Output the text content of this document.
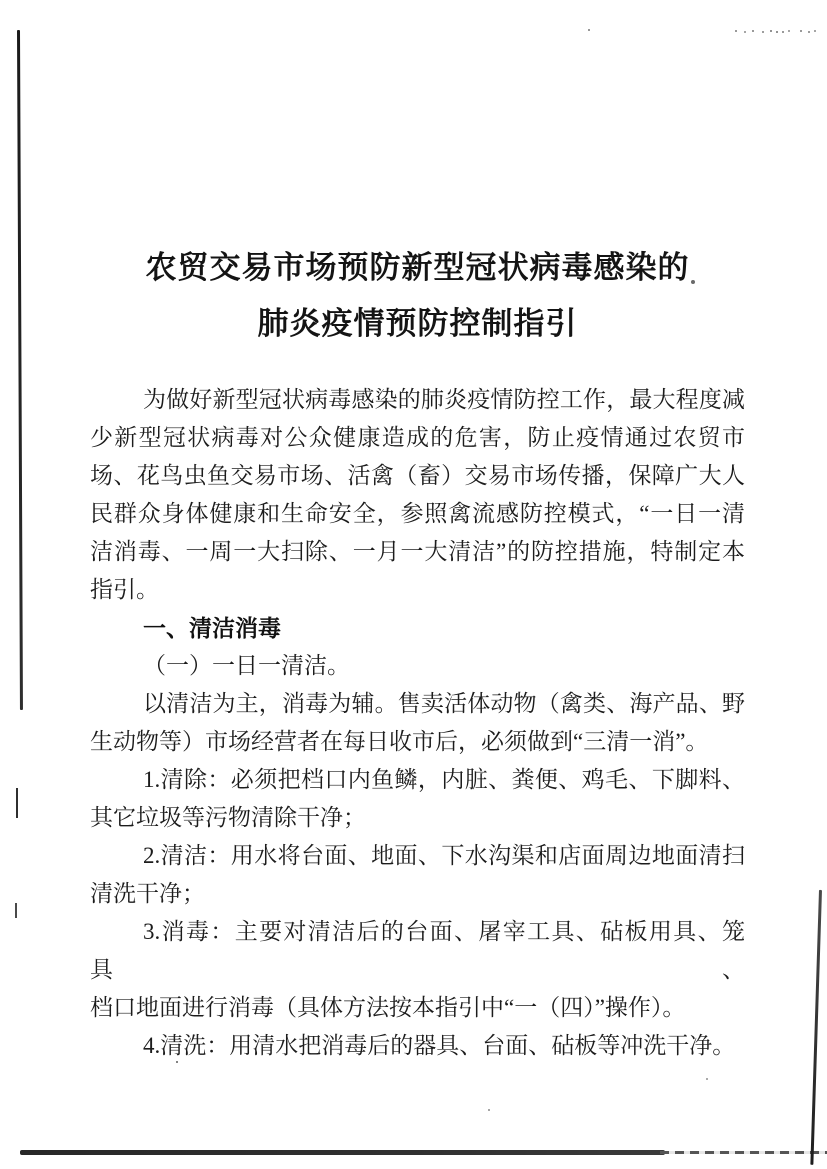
农贸交易市场预防新型冠状病毒感染的
肺炎疫情预防控制指引
为做好新型冠状病毒感染的肺炎疫情防控工作，最大程度减
少新型冠状病毒对公众健康造成的危害，防止疫情通过农贸市
场、花鸟虫鱼交易市场、活禽（畜）交易市场传播，保障广大人
民群众身体健康和生命安全，参照禽流感防控模式，“一日一清
洁消毒、一周一大扫除、一月一大清洁”的防控措施，特制定本
指引。
一、清洁消毒
（一）一日一清洁。
以清洁为主，消毒为辅。售卖活体动物（禽类、海产品、野
生动物等）市场经营者在每日收市后，必须做到“三清一消”。
1.清除：必须把档口内鱼鳞，内脏、粪便、鸡毛、下脚料、
其它垃圾等污物清除干净；
2.清洁：用水将台面、地面、下水沟渠和店面周边地面清扫
清洗干净；
3.消毒：主要对清洁后的台面、屠宰工具、砧板用具、笼具、
档口地面进行消毒（具体方法按本指引中“一（四）”操作）。
4.清洗：用清水把消毒后的器具、台面、砧板等冲洗干净。
